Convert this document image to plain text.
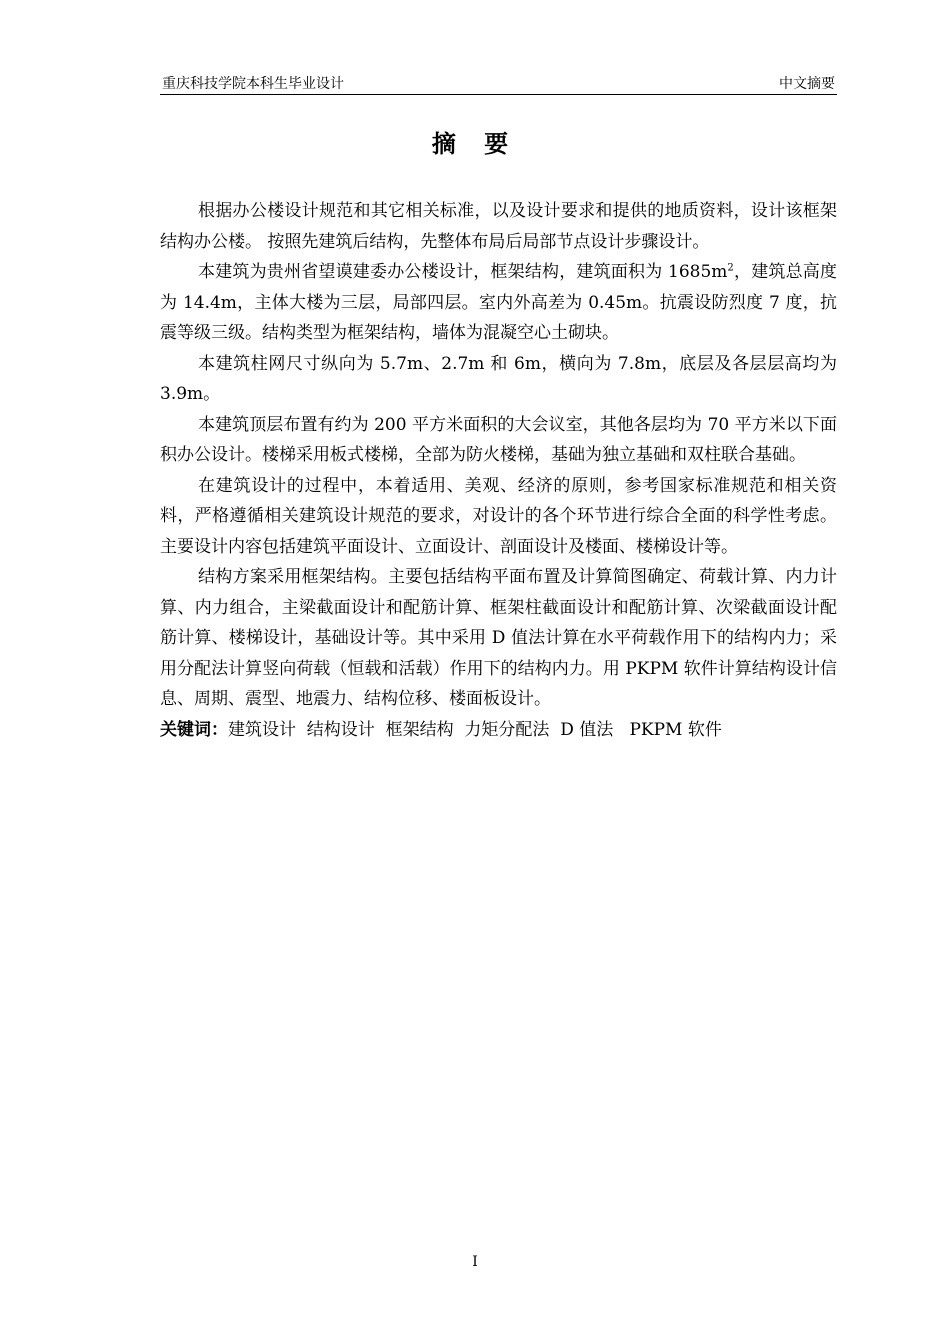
重庆科技学院本科生毕业设计	中文摘要
摘 要

根据办公楼设计规范和其它相关标准，以及设计要求和提供的地质资料，设计该框架结构办公楼。 按照先建筑后结构，先整体布局后局部节点设计步骤设计。

本建筑为贵州省望谟建委办公楼设计，框架结构，建筑面积为 $1685m^2$，建筑总高度为 14.4m，主体大楼为三层，局部四层。室内外高差为 0.45m。抗震设防烈度 7 度，抗震等级三级。结构类型为框架结构，墙体为混凝空心土砌块。

本建筑柱网尺寸纵向为 5.7m、2.7m 和 6m，横向为 7.8m，底层及各层层高均为 3.9m。

本建筑顶层布置有约为 200 平方米面积的大会议室，其他各层均为 70 平方米以下面积办公设计。楼梯采用板式楼梯，全部为防火楼梯，基础为独立基础和双柱联合基础。

在建筑设计的过程中，本着适用、美观、经济的原则，参考国家标准规范和相关资料，严格遵循相关建筑设计规范的要求，对设计的各个环节进行综合全面的科学性考虑。主要设计内容包括建筑平面设计、立面设计、剖面设计及楼面、楼梯设计等。

结构方案采用框架结构。主要包括结构平面布置及计算简图确定、荷载计算、内力计算、内力组合，主梁截面设计和配筋计算、框架柱截面设计和配筋计算、次梁截面设计配筋计算、楼梯设计，基础设计等。其中采用 D 值法计算在水平荷载作用下的结构内力；采用分配法计算竖向荷载（恒载和活载）作用下的结构内力。用 PKPM 软件计算结构设计信息、周期、震型、地震力、结构位移、楼面板设计。

关键词：建筑设计  结构设计  框架结构  力矩分配法  D 值法   PKPM 软件
I
